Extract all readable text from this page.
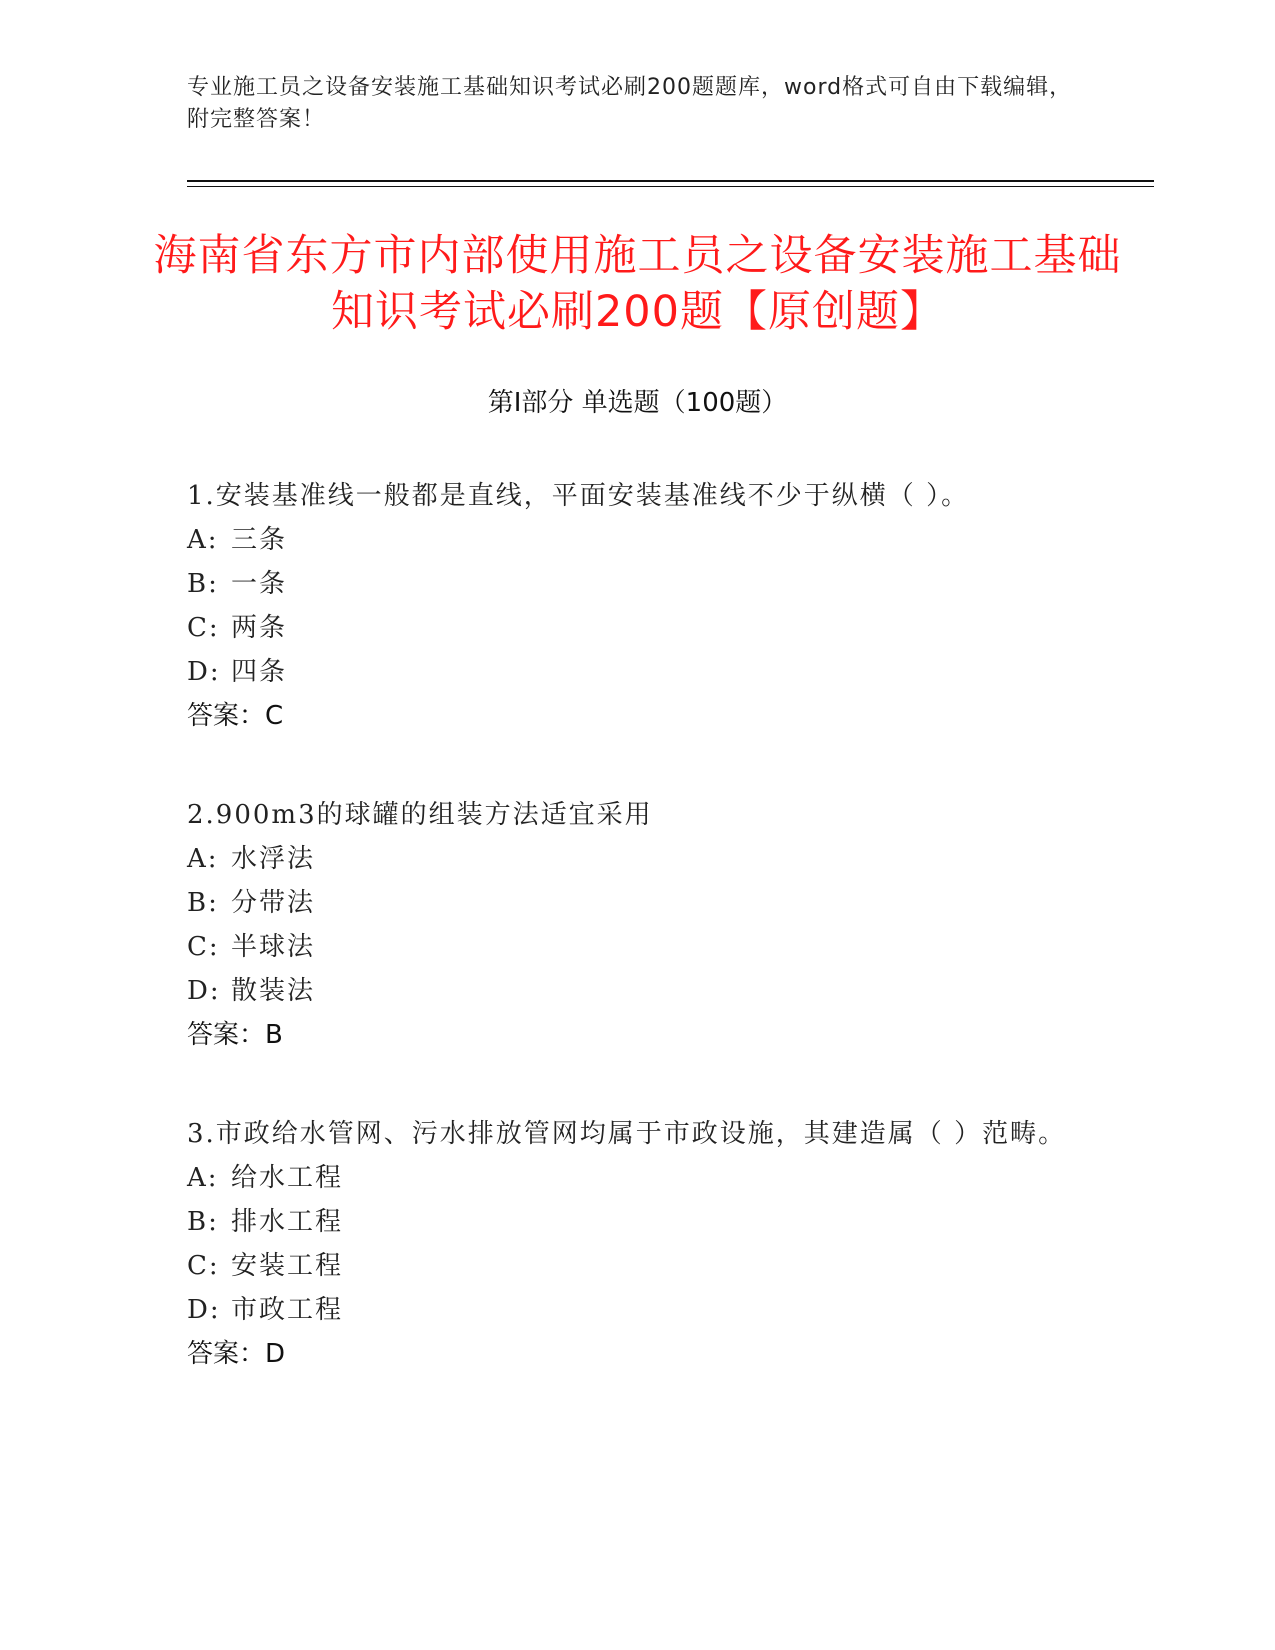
专业施工员之设备安装施工基础知识考试必刷200题题库，word格式可自由下载编辑，附完整答案！
海南省东方市内部使用施工员之设备安装施工基础知识考试必刷200题【原创题】
第I部分 单选题（100题）
1.安装基准线一般都是直线，平面安装基准线不少于纵横（ ）。
A: 三条
B: 一条
C: 两条
D: 四条
答案：C
2.900m3的球罐的组装方法适宜采用
A: 水浮法
B: 分带法
C: 半球法
D: 散装法
答案：B
3.市政给水管网、污水排放管网均属于市政设施，其建造属（ ）范畴。
A: 给水工程
B: 排水工程
C: 安装工程
D: 市政工程
答案：D
